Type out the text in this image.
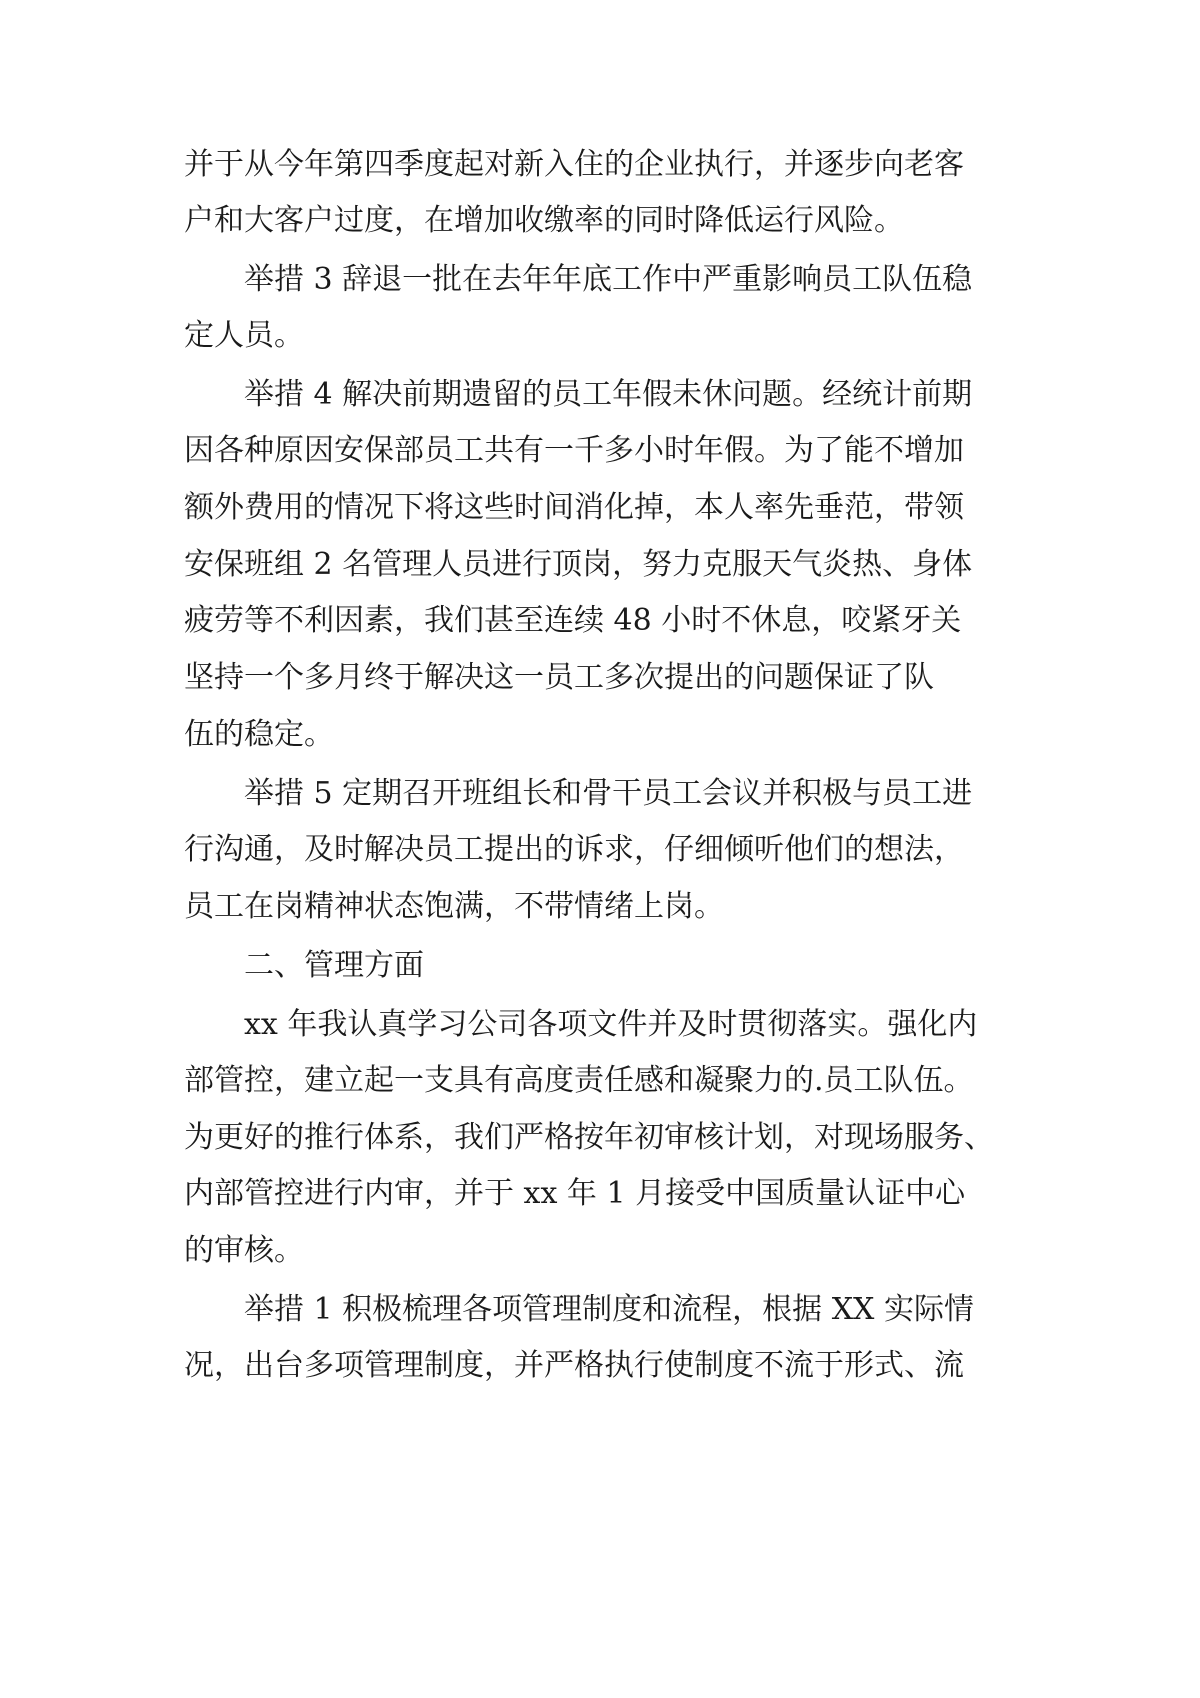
并于从今年第四季度起对新入住的企业执行，并逐步向老客
户和大客户过度，在增加收缴率的同时降低运行风险。
　　举措 3 辞退一批在去年年底工作中严重影响员工队伍稳
定人员。
　　举措 4 解决前期遗留的员工年假未休问题。经统计前期
因各种原因安保部员工共有一千多小时年假。为了能不增加
额外费用的情况下将这些时间消化掉，本人率先垂范，带领
安保班组 2 名管理人员进行顶岗，努力克服天气炎热、身体
疲劳等不利因素，我们甚至连续 48 小时不休息，咬紧牙关
坚持一个多月终于解决这一员工多次提出的问题保证了队
伍的稳定。
　　举措 5 定期召开班组长和骨干员工会议并积极与员工进
行沟通，及时解决员工提出的诉求，仔细倾听他们的想法，
员工在岗精神状态饱满，不带情绪上岗。
　　二、管理方面
　　xx 年我认真学习公司各项文件并及时贯彻落实。强化内
部管控，建立起一支具有高度责任感和凝聚力的.员工队伍。
为更好的推行体系，我们严格按年初审核计划，对现场服务、
内部管控进行内审，并于 xx 年 1 月接受中国质量认证中心
的审核。
　　举措 1 积极梳理各项管理制度和流程，根据 XX 实际情
况，出台多项管理制度，并严格执行使制度不流于形式、流
